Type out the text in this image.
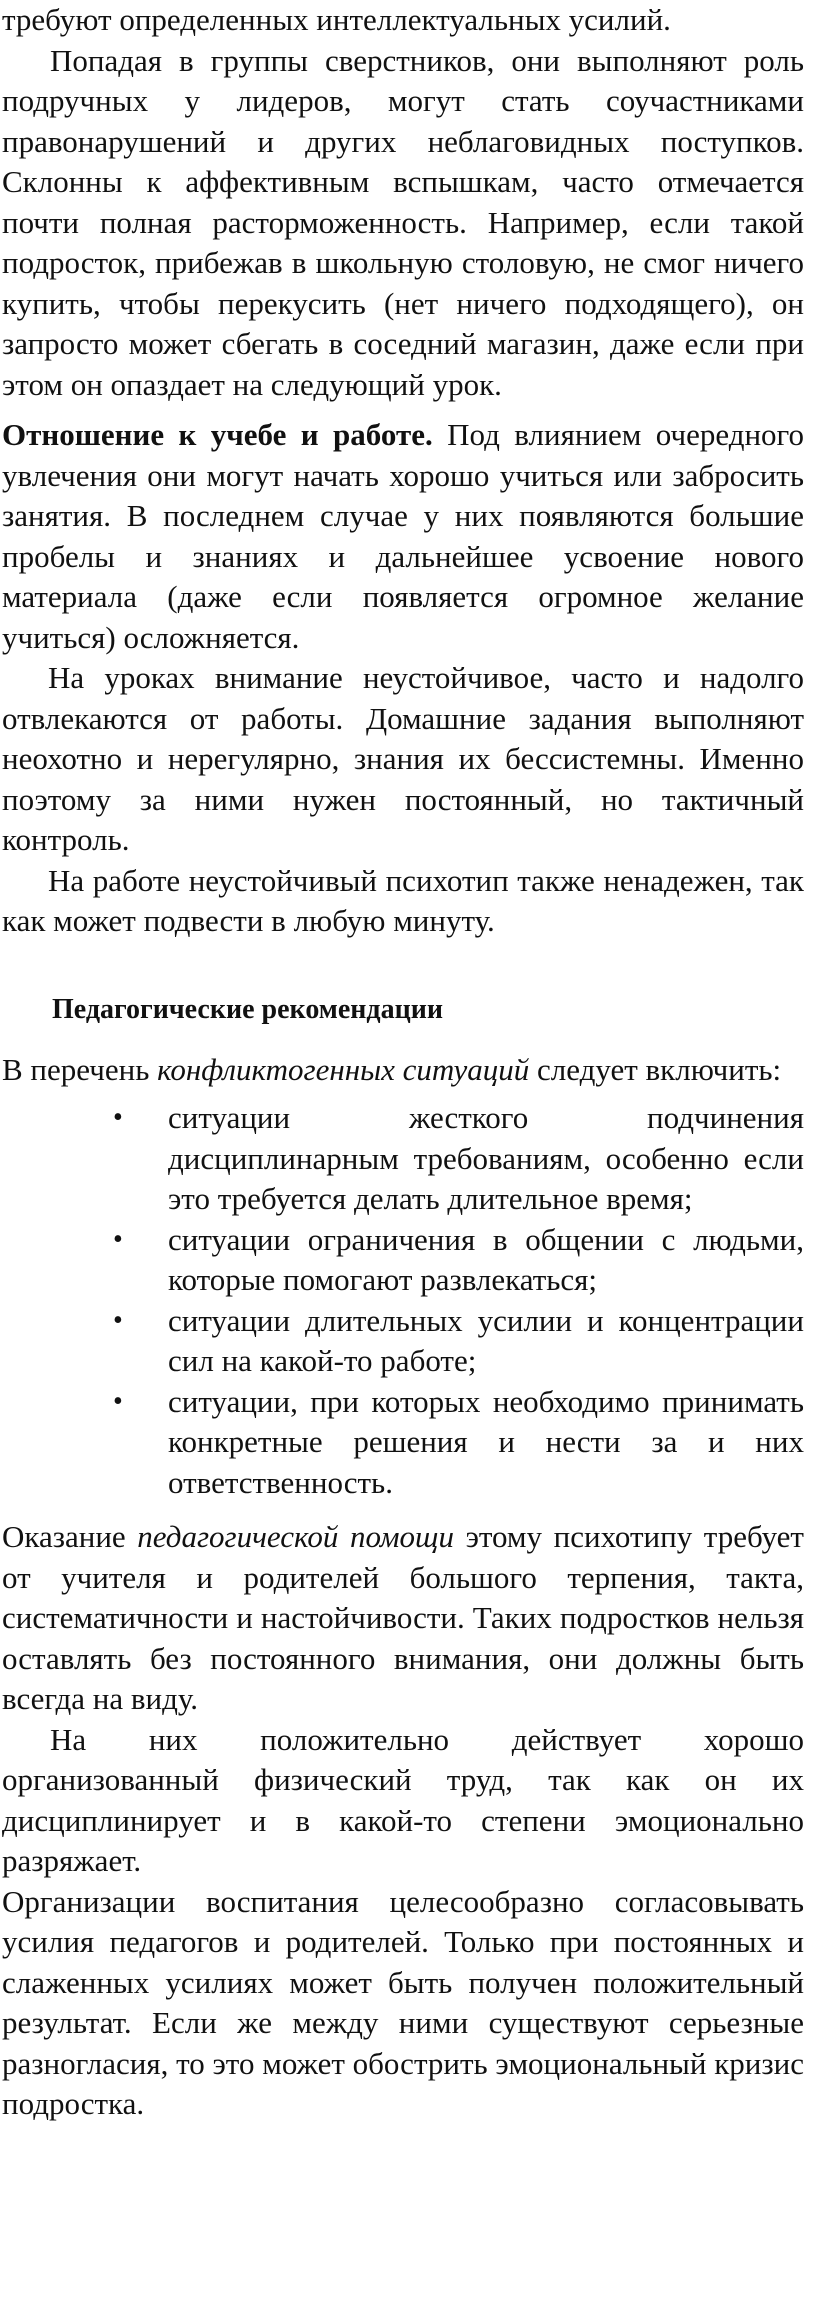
требуют определенных интеллектуальных усилий.

Попадая в группы сверстников, они выполняют роль подручных у лидеров, могут стать соучастниками правонарушений и других неблаговидных поступков. Склонны к аффективным вспышкам, часто отмечается почти полная расторможенность. Например, если такой подросток, прибежав в школьную столовую, не смог ничего купить, чтобы перекусить (нет ничего подходящего), он запросто может сбегать в соседний магазин, даже если при этом он опаздает на следующий урок.

Отношение к учебе и работе. Под влиянием очередного увлечения они могут начать хорошо учиться или забросить занятия. В последнем случае у них появляются большие пробелы и знаниях и дальнейшее усвоение нового материала (даже если появляется огромное желание учиться) осложняется.

На уроках внимание неустойчивое, часто и надолго отвлекаются от работы. Домашние задания выполняют неохотно и нерегулярно, знания их бессистемны. Именно поэтому за ними нужен постоянный, но тактичный контроль.

На работе неустойчивый психотип также ненадежен, так как может подвести в любую минуту.

Педагогические рекомендации

В перечень конфликтогенных ситуаций следует включить:

• ситуации жесткого подчинения дисциплинарным требованиям, особенно если это требуется делать длительное время;
• ситуации ограничения в общении с людьми, которые помогают развлекаться;
• ситуации длительных усилии и концентрации сил на какой-то работе;
• ситуации, при которых необходимо принимать конкретные решения и нести за и них ответственность.

Оказание педагогической помощи этому психотипу требует от учителя и родителей большого терпения, такта, систематичности и настойчивости. Таких подростков нельзя оставлять без постоянного внимания, они должны быть всегда на виду.

На них положительно действует хорошо организованный физический труд, так как он их дисциплинирует и в какой-то степени эмоционально разряжает.

Организации воспитания целесообразно согласовывать усилия педагогов и родителей. Только при постоянных и слаженных усилиях может быть получен положительный результат. Если же между ними существуют серьезные разногласия, то это может обострить эмоциональный кризис подростка.
